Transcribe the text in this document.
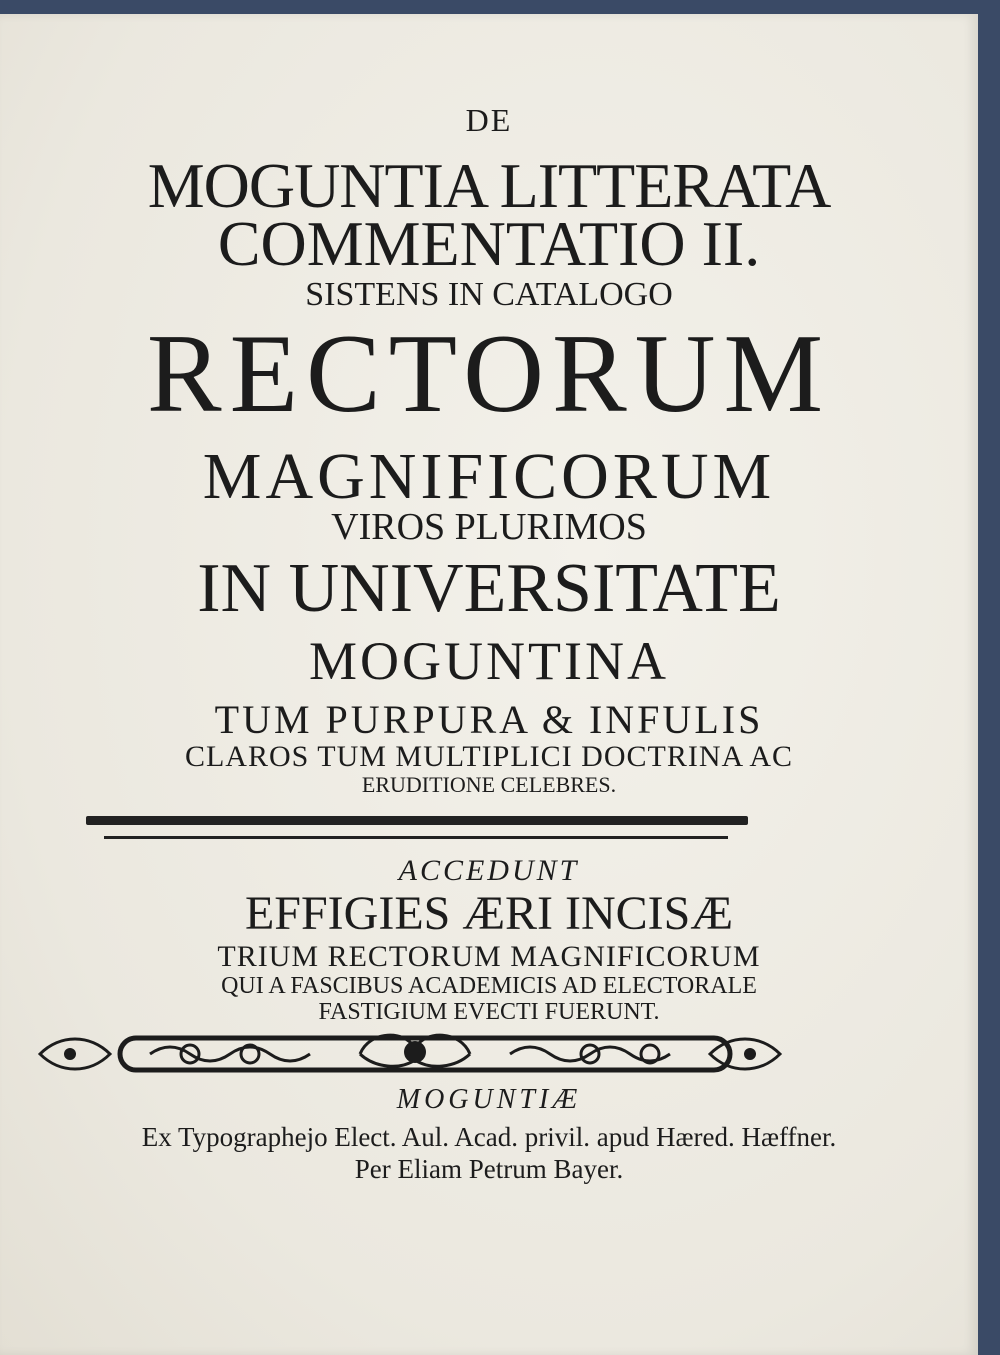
DE
MOGUNTIA LITTERATA
COMMENTATIO II.
SISTENS IN CATALOGO
RECTORUM
MAGNIFICORUM
VIROS PLURIMOS
IN UNIVERSITATE
MOGUNTINA
TUM PURPURA & INFULIS
CLAROS TUM MULTIPLICI DOCTRINA AC
ERUDITIONE CELEBRES.
ACCEDUNT
EFFIGIES ÆRI INCISÆ
TRIUM RECTORUM MAGNIFICORUM
QUI A FASCIBUS ACADEMICIS AD ELECTORALE
FASTIGIUM EVECTI FUERUNT.
MOGUNTIÆ
Ex Typographejo Elect. Aul. Acad. privil. apud Hæred. Hæffner.
Per Eliam Petrum Bayer.
